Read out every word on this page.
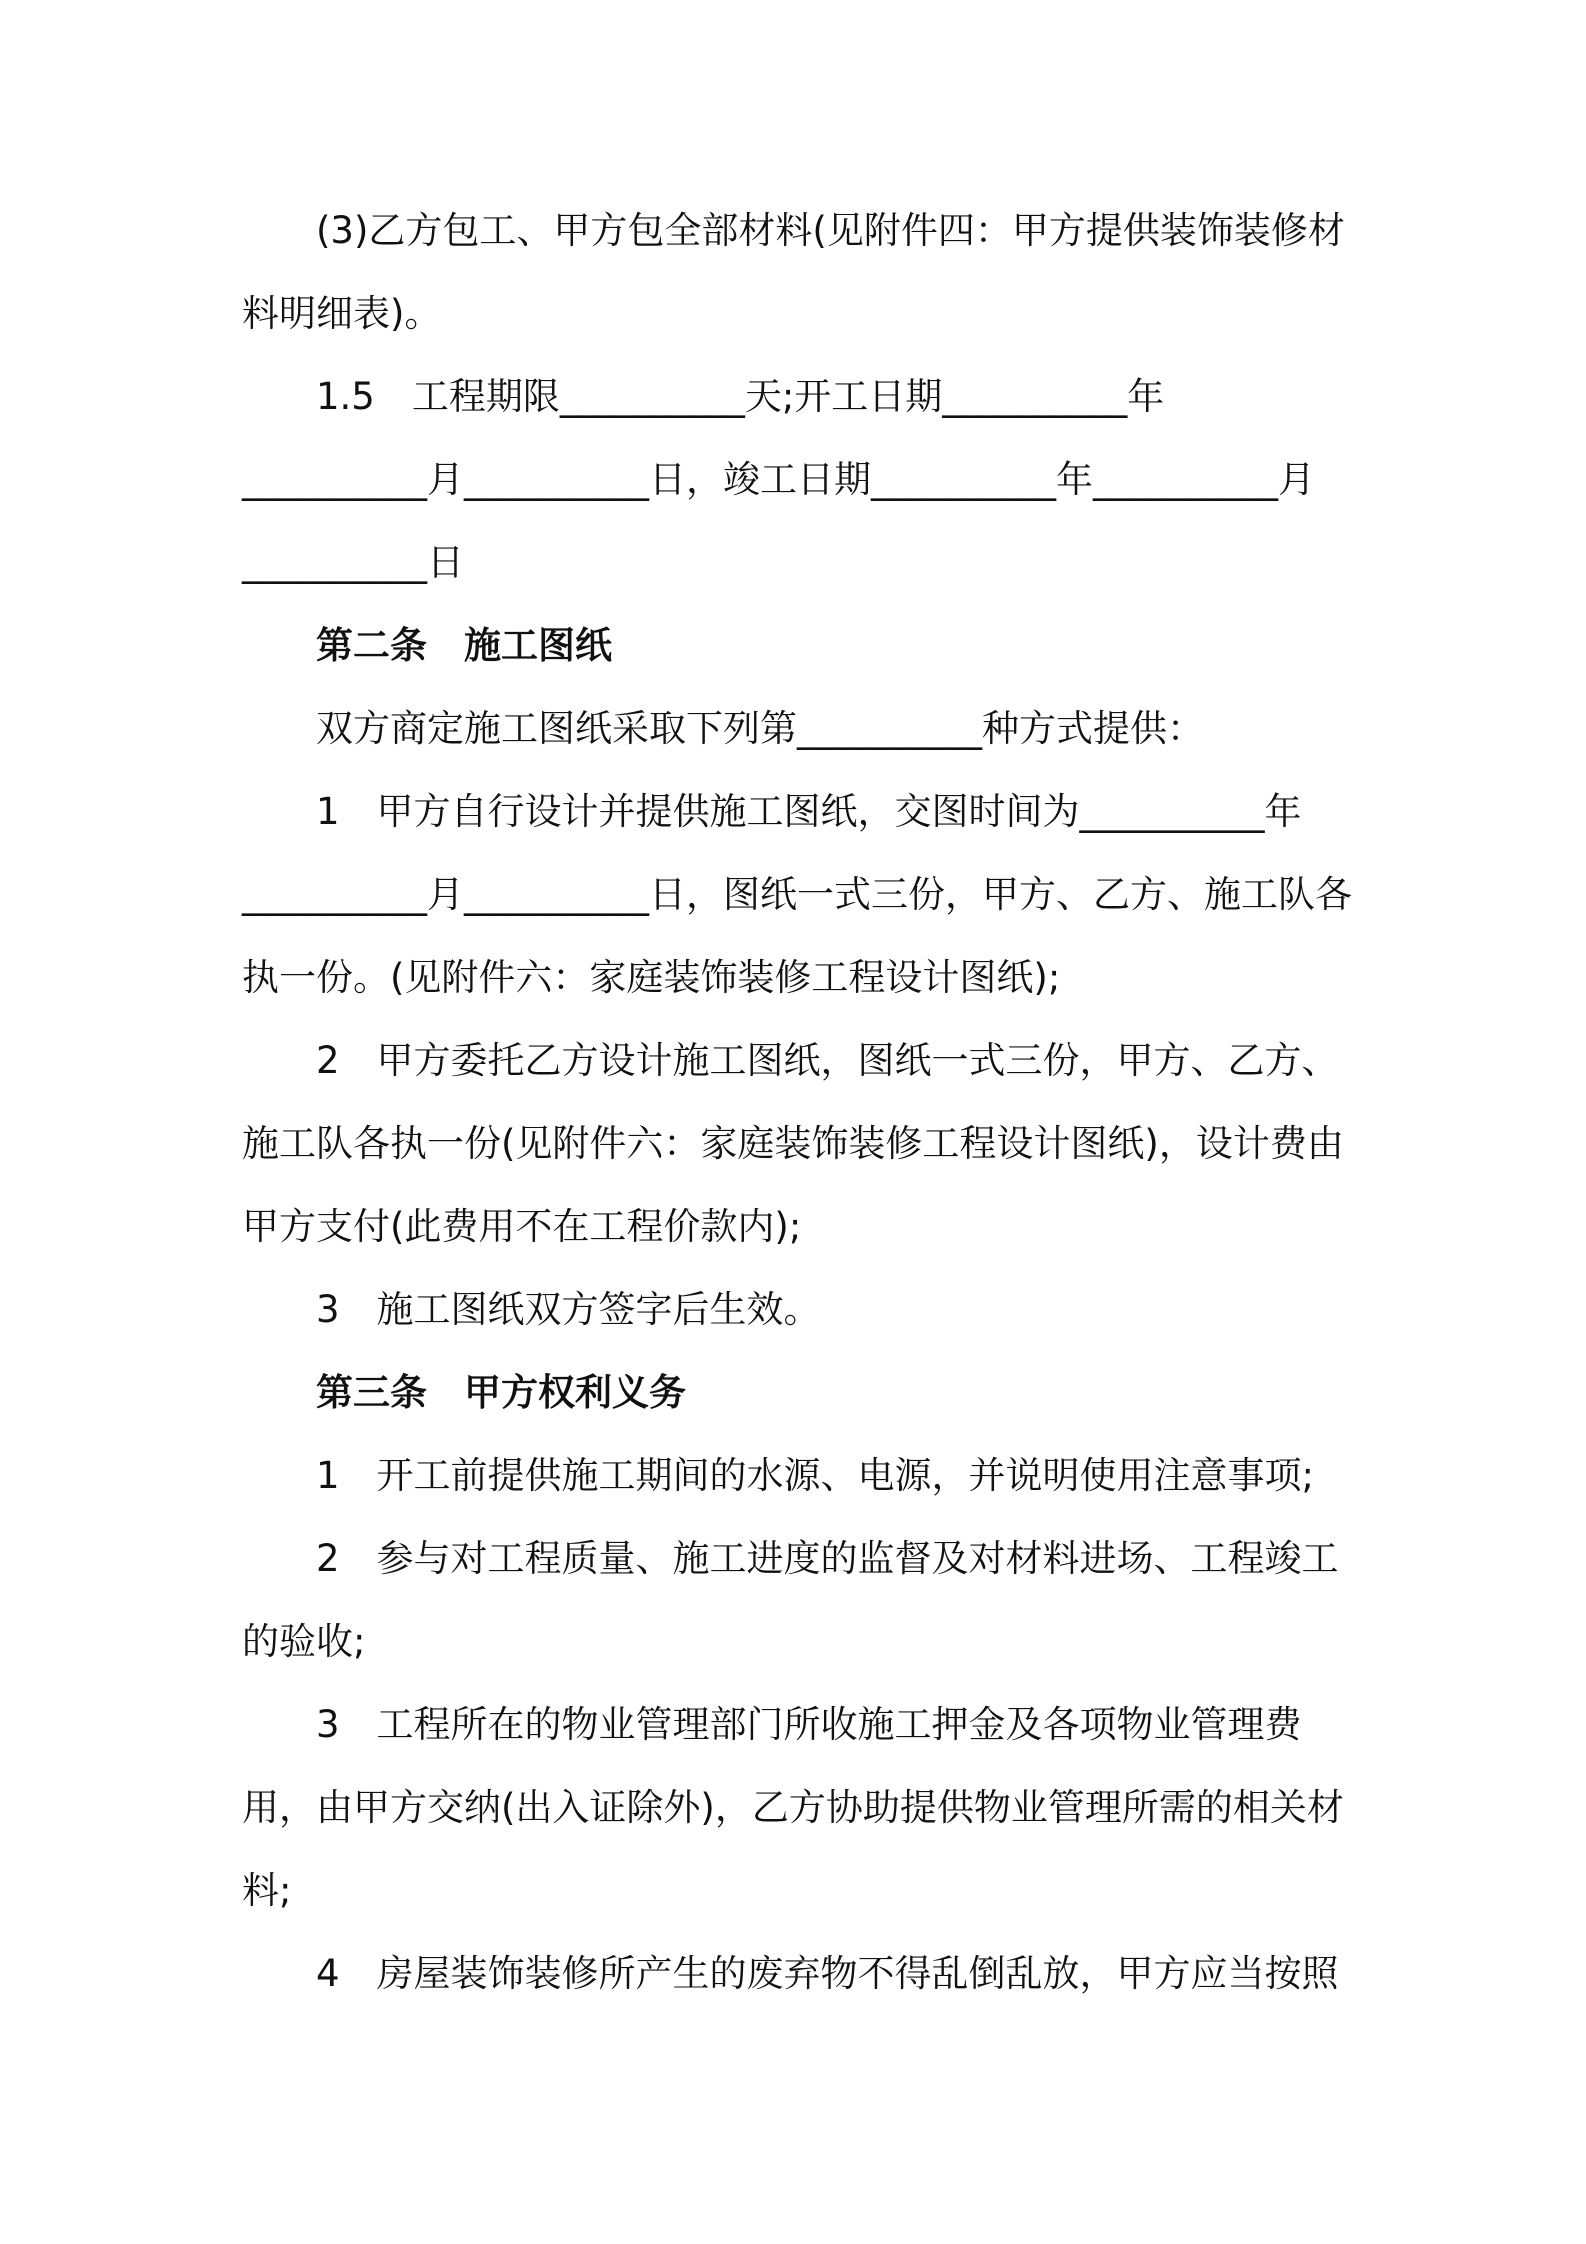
(3)乙方包工、甲方包全部材料(见附件四：甲方提供装饰装修材
料明细表)。
1.5　工程期限__________天;开工日期__________年
__________月__________日，竣工日期__________年__________月
__________日
第二条　施工图纸
双方商定施工图纸采取下列第__________种方式提供：
1　甲方自行设计并提供施工图纸，交图时间为__________年
__________月__________日，图纸一式三份，甲方、乙方、施工队各
执一份。(见附件六：家庭装饰装修工程设计图纸);
2　甲方委托乙方设计施工图纸，图纸一式三份，甲方、乙方、
施工队各执一份(见附件六：家庭装饰装修工程设计图纸)，设计费由
甲方支付(此费用不在工程价款内);
3　施工图纸双方签字后生效。
第三条　甲方权利义务
1　开工前提供施工期间的水源、电源，并说明使用注意事项;
2　参与对工程质量、施工进度的监督及对材料进场、工程竣工
的验收;
3　工程所在的物业管理部门所收施工押金及各项物业管理费
用，由甲方交纳(出入证除外)，乙方协助提供物业管理所需的相关材
料;
4　房屋装饰装修所产生的废弃物不得乱倒乱放，甲方应当按照
